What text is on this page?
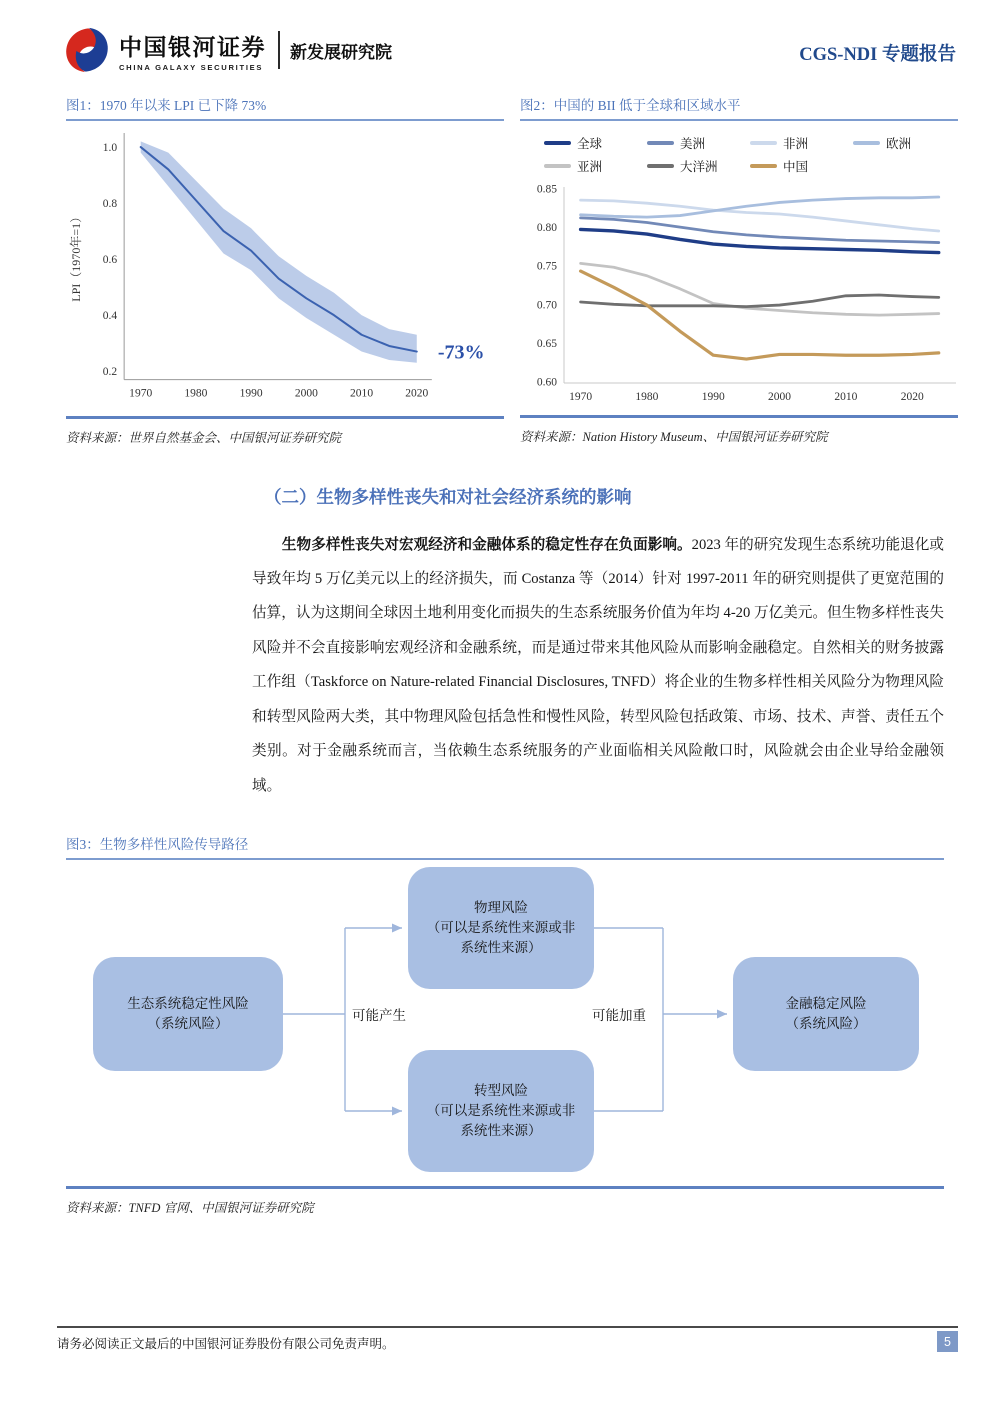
中国银河证券
CHINA GALAXY SECURITIES
新发展研究院	CGS-NDI 专题报告
图1：1970 年以来 LPI 已下降 73%
0.2
0.4
0.6
0.8
1.0
1970	1980	1990	2000	2010	2020
LPI（1970年=1）
-73%
资料来源：世界自然基金会、中国银河证券研究院
图2：中国的 BII 低于全球和区域水平
全球	美洲	非洲	欧洲
亚洲	大洋洲	中国
0.60
0.65
0.70
0.75
0.80
0.85
1970	1980	1990	2000	2010	2020
资料来源：Nation History Museum、中国银河证券研究院
（二）生物多样性丧失和对社会经济系统的影响
生物多样性丧失对宏观经济和金融体系的稳定性存在负面影响。2023 年的研究发现生态系统功能退化或导致年均 5 万亿美元以上的经济损失，而 Costanza 等（2014）针对 1997-2011 年的研究则提供了更宽范围的估算，认为这期间全球因土地利用变化而损失的生态系统服务价值为年均 4-20 万亿美元。但生物多样性丧失风险并不会直接影响宏观经济和金融系统，而是通过带来其他风险从而影响金融稳定。自然相关的财务披露工作组（Taskforce on Nature-related Financial Disclosures, TNFD）将企业的生物多样性相关风险分为物理风险和转型风险两大类，其中物理风险包括急性和慢性风险，转型风险包括政策、市场、技术、声誉、责任五个类别。对于金融系统而言，当依赖生态系统服务的产业面临相关风险敞口时，风险就会由企业导给金融领域。
图3：生物多样性风险传导路径
生态系统稳定性风险
（系统风险）
物理风险
（可以是系统性来源或非
系统性来源）
转型风险
（可以是系统性来源或非
系统性来源）
金融稳定风险
（系统风险）
可能产生	可能加重
资料来源：TNFD 官网、中国银河证券研究院
请务必阅读正文最后的中国银河证券股份有限公司免责声明。	5
